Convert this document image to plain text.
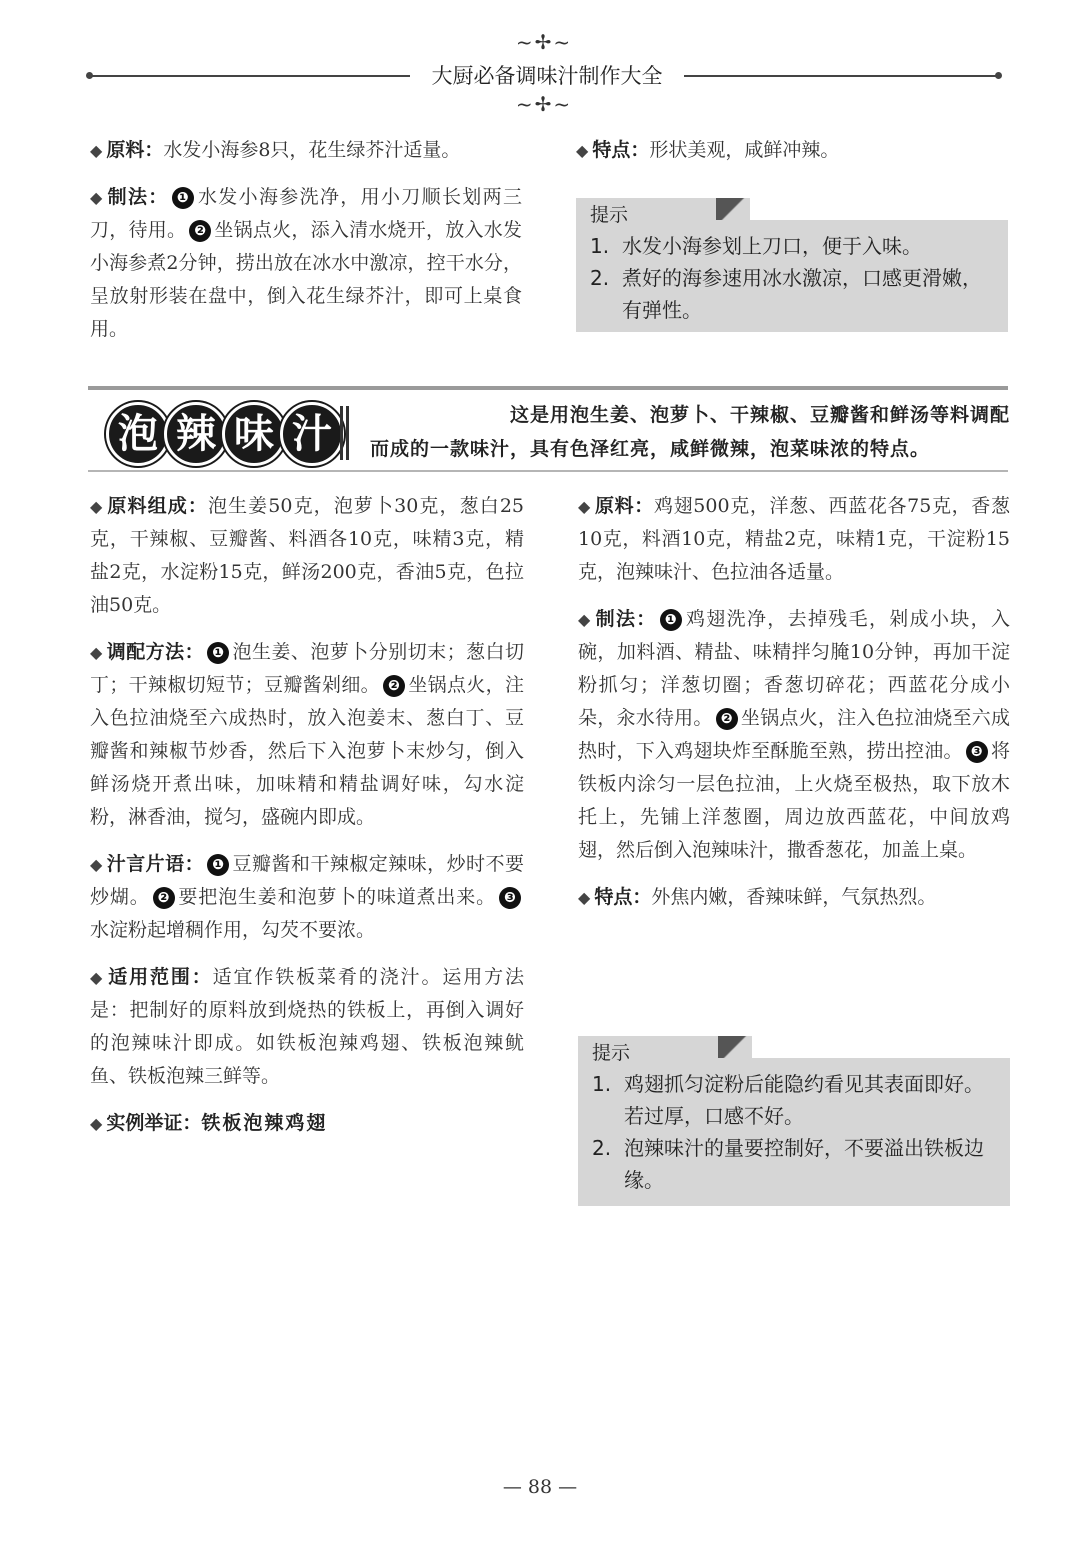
~✢~
大厨必备调味汁制作大全
~✢~

◆ 原料：水发小海参8只，花生绿芥汁适量。

◆ 制法： ❶ 水发小海参洗净，用小刀顺长划两三刀，待用。 ❷ 坐锅点火，添入清水烧开，放入水发小海参煮2分钟，捞出放在冰水中激凉，控干水分，呈放射形装在盘中，倒入花生绿芥汁，即可上桌食用。

◆ 特点：形状美观，咸鲜冲辣。

提示
1. 水发小海参划上刀口，便于入味。
2. 煮好的海参速用冰水激凉，口感更滑嫩，有弹性。
泡 辣 味 汁	这是用泡生姜、泡萝卜、干辣椒、豆瓣酱和鲜汤等料调配
而成的一款味汁，具有色泽红亮，咸鲜微辣，泡菜味浓的特点。

◆ 原料组成：泡生姜50克，泡萝卜30克，葱白25克，干辣椒、豆瓣酱、料酒各10克，味精3克，精盐2克，水淀粉15克，鲜汤200克，香油5克，色拉油50克。

◆ 调配方法： ❶ 泡生姜、泡萝卜分别切末；葱白切丁；干辣椒切短节；豆瓣酱剁细。 ❷ 坐锅点火，注入色拉油烧至六成热时，放入泡姜末、葱白丁、豆瓣酱和辣椒节炒香，然后下入泡萝卜末炒匀，倒入鲜汤烧开煮出味，加味精和精盐调好味，勾水淀粉，淋香油，搅匀，盛碗内即成。

◆ 汁言片语： ❶ 豆瓣酱和干辣椒定辣味，炒时不要炒煳。 ❷ 要把泡生姜和泡萝卜的味道煮出来。 ❸水淀粉起增稠作用，勾芡不要浓。

◆ 适用范围：适宜作铁板菜肴的浇汁。运用方法是：把制好的原料放到烧热的铁板上，再倒入调好的泡辣味汁即成。如铁板泡辣鸡翅、铁板泡辣鱿鱼、铁板泡辣三鲜等。

◆ 实例举证：铁板泡辣鸡翅

◆ 原料：鸡翅500克，洋葱、西蓝花各75克，香葱10克，料酒10克，精盐2克，味精1克，干淀粉15克，泡辣味汁、色拉油各适量。

◆ 制法： ❶ 鸡翅洗净，去掉残毛，剁成小块，入碗，加料酒、精盐、味精拌匀腌10分钟，再加干淀粉抓匀；洋葱切圈；香葱切碎花；西蓝花分成小朵，汆水待用。 ❷ 坐锅点火，注入色拉油烧至六成热时，下入鸡翅块炸至酥脆至熟，捞出控油。 ❸ 将铁板内涂匀一层色拉油，上火烧至极热，取下放木托上，先铺上洋葱圈，周边放西蓝花，中间放鸡翅，然后倒入泡辣味汁，撒香葱花，加盖上桌。

◆ 特点：外焦内嫩，香辣味鲜，气氛热烈。

提示
1. 鸡翅抓匀淀粉后能隐约看见其表面即好。若过厚，口感不好。
2. 泡辣味汁的量要控制好，不要溢出铁板边缘。
— 88 —
